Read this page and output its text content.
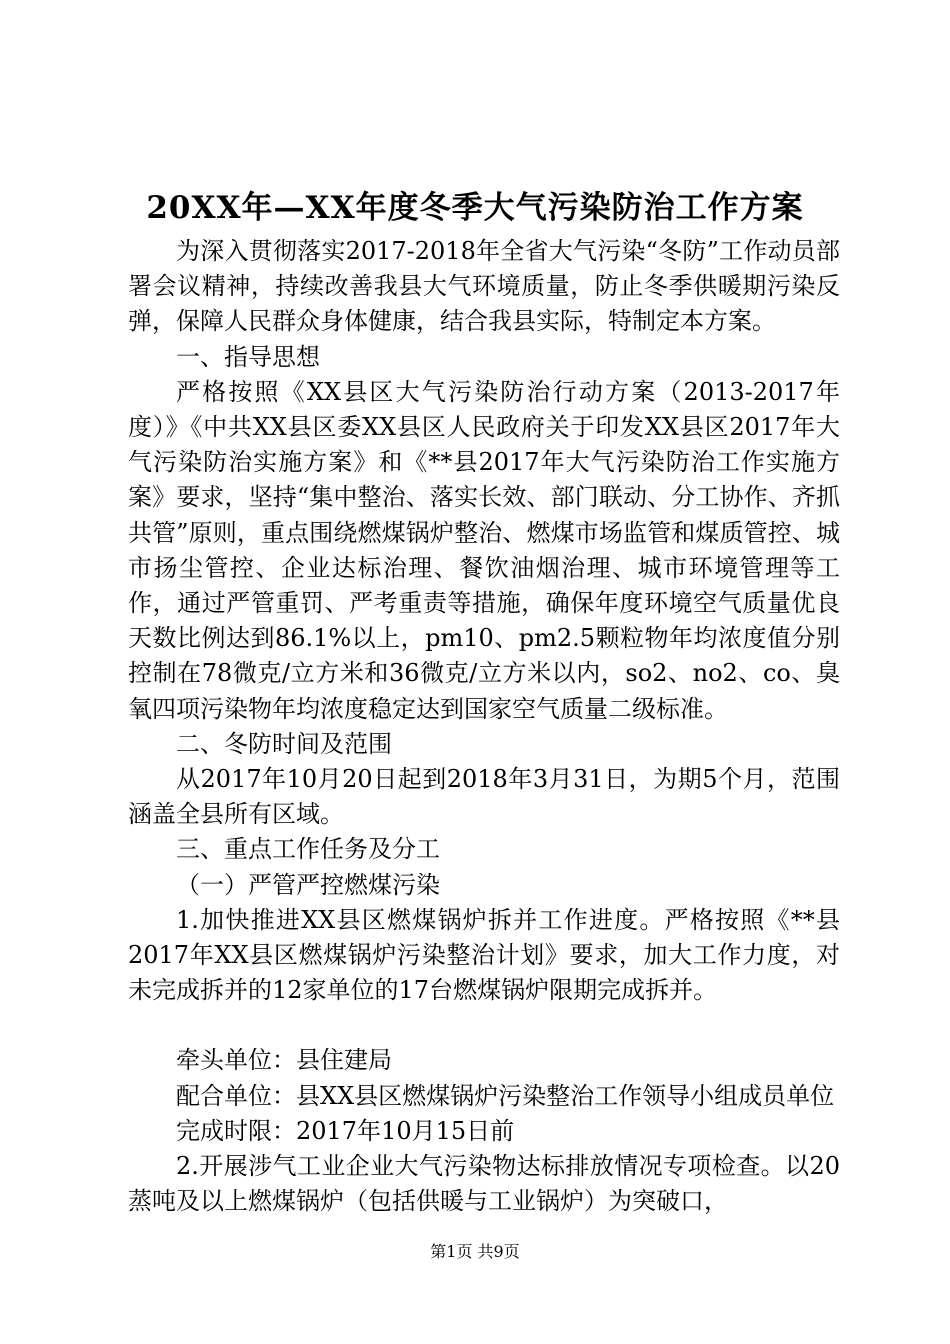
20XX年—XX年度冬季大气污染防治工作方案

为深入贯彻落实2017-2018年全省大气污染“冬防”工作动员部署会议精神，持续改善我县大气环境质量，防止冬季供暖期污染反弹，保障人民群众身体健康，结合我县实际，特制定本方案。

一、指导思想

严格按照《XX县区大气污染防治行动方案（2013-2017年度）》《中共XX县区委XX县区人民政府关于印发XX县区2017年大气污染防治实施方案》和《**县2017年大气污染防治工作实施方案》要求，坚持“集中整治、落实长效、部门联动、分工协作、齐抓共管”原则，重点围绕燃煤锅炉整治、燃煤市场监管和煤质管控、城市扬尘管控、企业达标治理、餐饮油烟治理、城市环境管理等工作，通过严管重罚、严考重责等措施，确保年度环境空气质量优良天数比例达到86.1%以上，pm10、pm2.5颗粒物年均浓度值分别控制在78微克/立方米和36微克/立方米以内，so2、no2、co、臭氧四项污染物年均浓度稳定达到国家空气质量二级标准。

二、冬防时间及范围

从2017年10月20日起到2018年3月31日，为期5个月，范围涵盖全县所有区域。

三、重点工作任务及分工

（一）严管严控燃煤污染

1.加快推进XX县区燃煤锅炉拆并工作进度。严格按照《**县2017年XX县区燃煤锅炉污染整治计划》要求，加大工作力度，对未完成拆并的12家单位的17台燃煤锅炉限期完成拆并。

牵头单位：县住建局

配合单位：县XX县区燃煤锅炉污染整治工作领导小组成员单位

完成时限：2017年10月15日前

2.开展涉气工业企业大气污染物达标排放情况专项检查。以20蒸吨及以上燃煤锅炉（包括供暖与工业锅炉）为突破口，

第1页 共9页
